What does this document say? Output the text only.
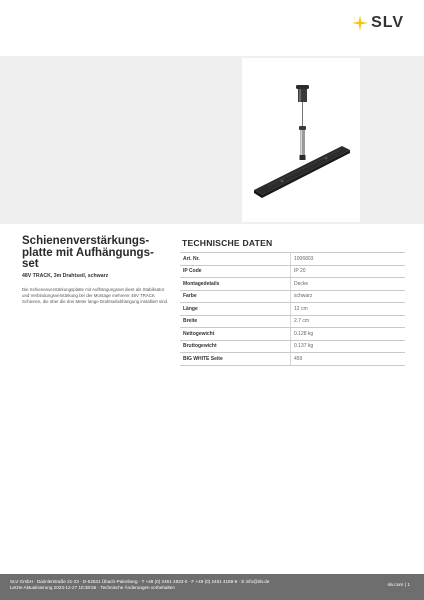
SLV
Schienenverstärkungs- platte mit Aufhängungs- set

48V TRACK, 3m Drahtseil, schwarz

Die Schienenverstärkungsplatte mit Aufhängungsset dient als Stabilisator und Verbindungsverstärkung bei der Montage mehrerer 48V TRACK Schienen, die über die drei Meter lange Drahtseilabhängung installiert sind.

TECHNISCHE DATEN
Art. Nr.	1006803
IP Code	IP 20
Montagedetails	Decke
Farbe	schwarz
Länge	12 cm
Breite	2.7 cm
Nettogewicht	0.128 kg
Bruttogewicht	0.137 kg
BIG WHITE Seite	459
SLV GmbH · Daimlerstraße 21-23 · D-52531 Übach-Palenberg · T +49 (0) 2451 4833-0 · F +49 (0) 2451 4188-8 · E info@slv.de
Letzte Aktualisierung 2023-12-27 10:38:55 · Technische Änderungen vorbehalten	slv.com | 1
